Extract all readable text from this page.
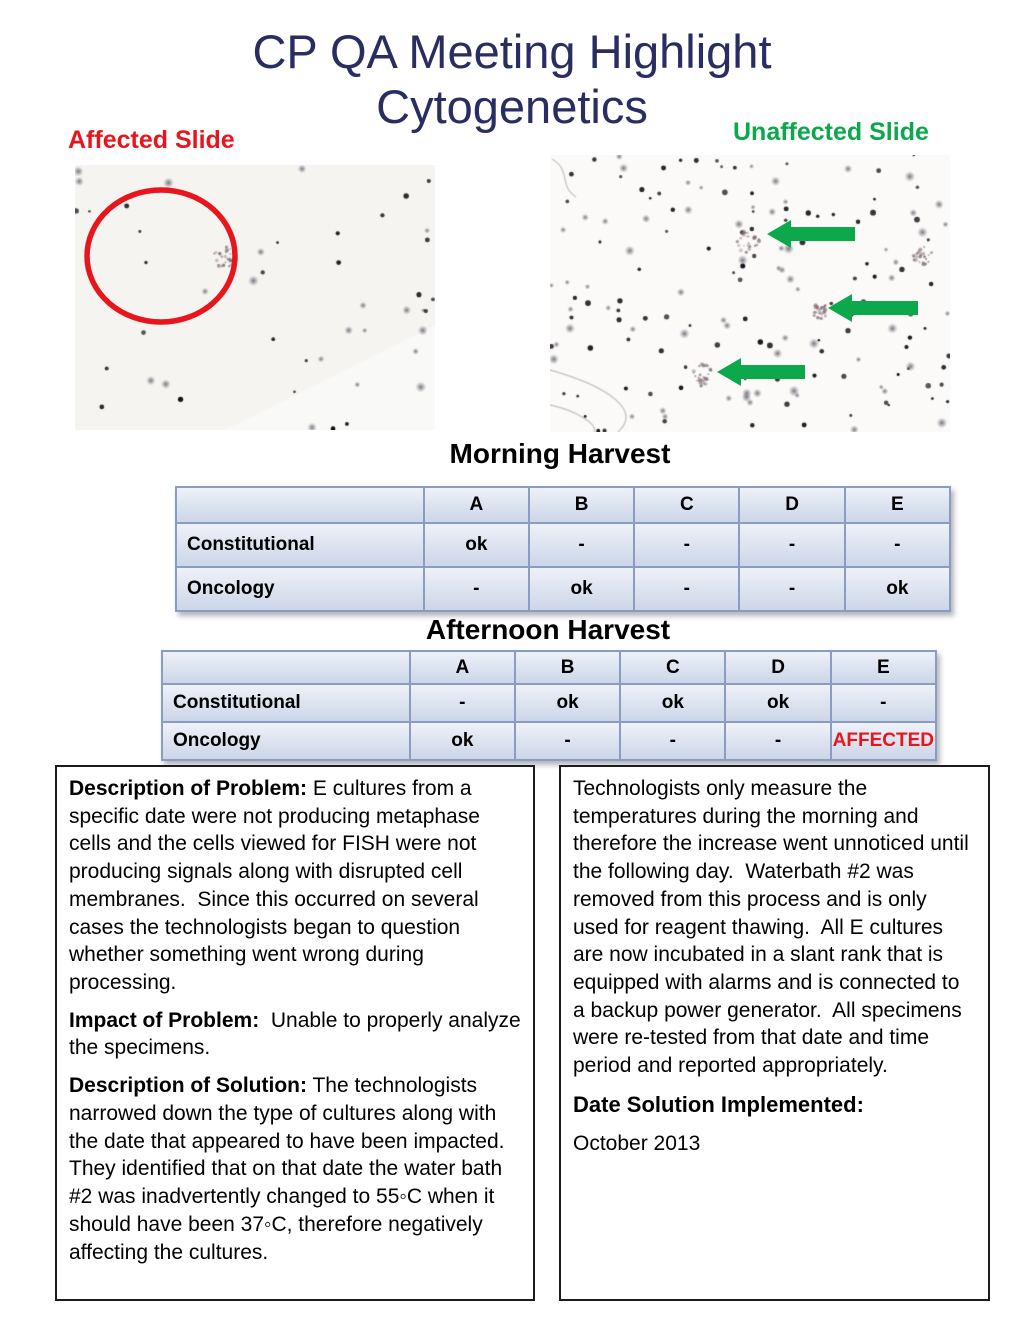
CP QA Meeting Highlight
Cytogenetics
Affected Slide	Unaffected Slide
Morning Harvest
	A	B	C	D	E
Constitutional	ok	-	-	-	-
Oncology	-	ok	-	-	ok
Afternoon Harvest
	A	B	C	D	E
Constitutional	-	ok	ok	ok	-
Oncology	ok	-	-	-	AFFECTED

Description of Problem: E cultures from a specific date were not producing metaphase cells and the cells viewed for FISH were not producing signals along with disrupted cell membranes.  Since this occurred on several cases the technologists began to question whether something went wrong during processing.

Impact of Problem:  Unable to properly analyze the specimens.

Description of Solution: The technologists narrowed down the type of cultures along with the date that appeared to have been impacted. They identified that on that date the water bath #2 was inadvertently changed to 55◦C when it should have been 37◦C, therefore negatively affecting the cultures.

Technologists only measure the temperatures during the morning and therefore the increase went unnoticed until the following day.  Waterbath #2 was removed from this process and is only used for reagent thawing.  All E cultures are now incubated in a slant rank that is equipped with alarms and is connected to a backup power generator.  All specimens were re-tested from that date and time period and reported appropriately.

Date Solution Implemented:

October 2013
